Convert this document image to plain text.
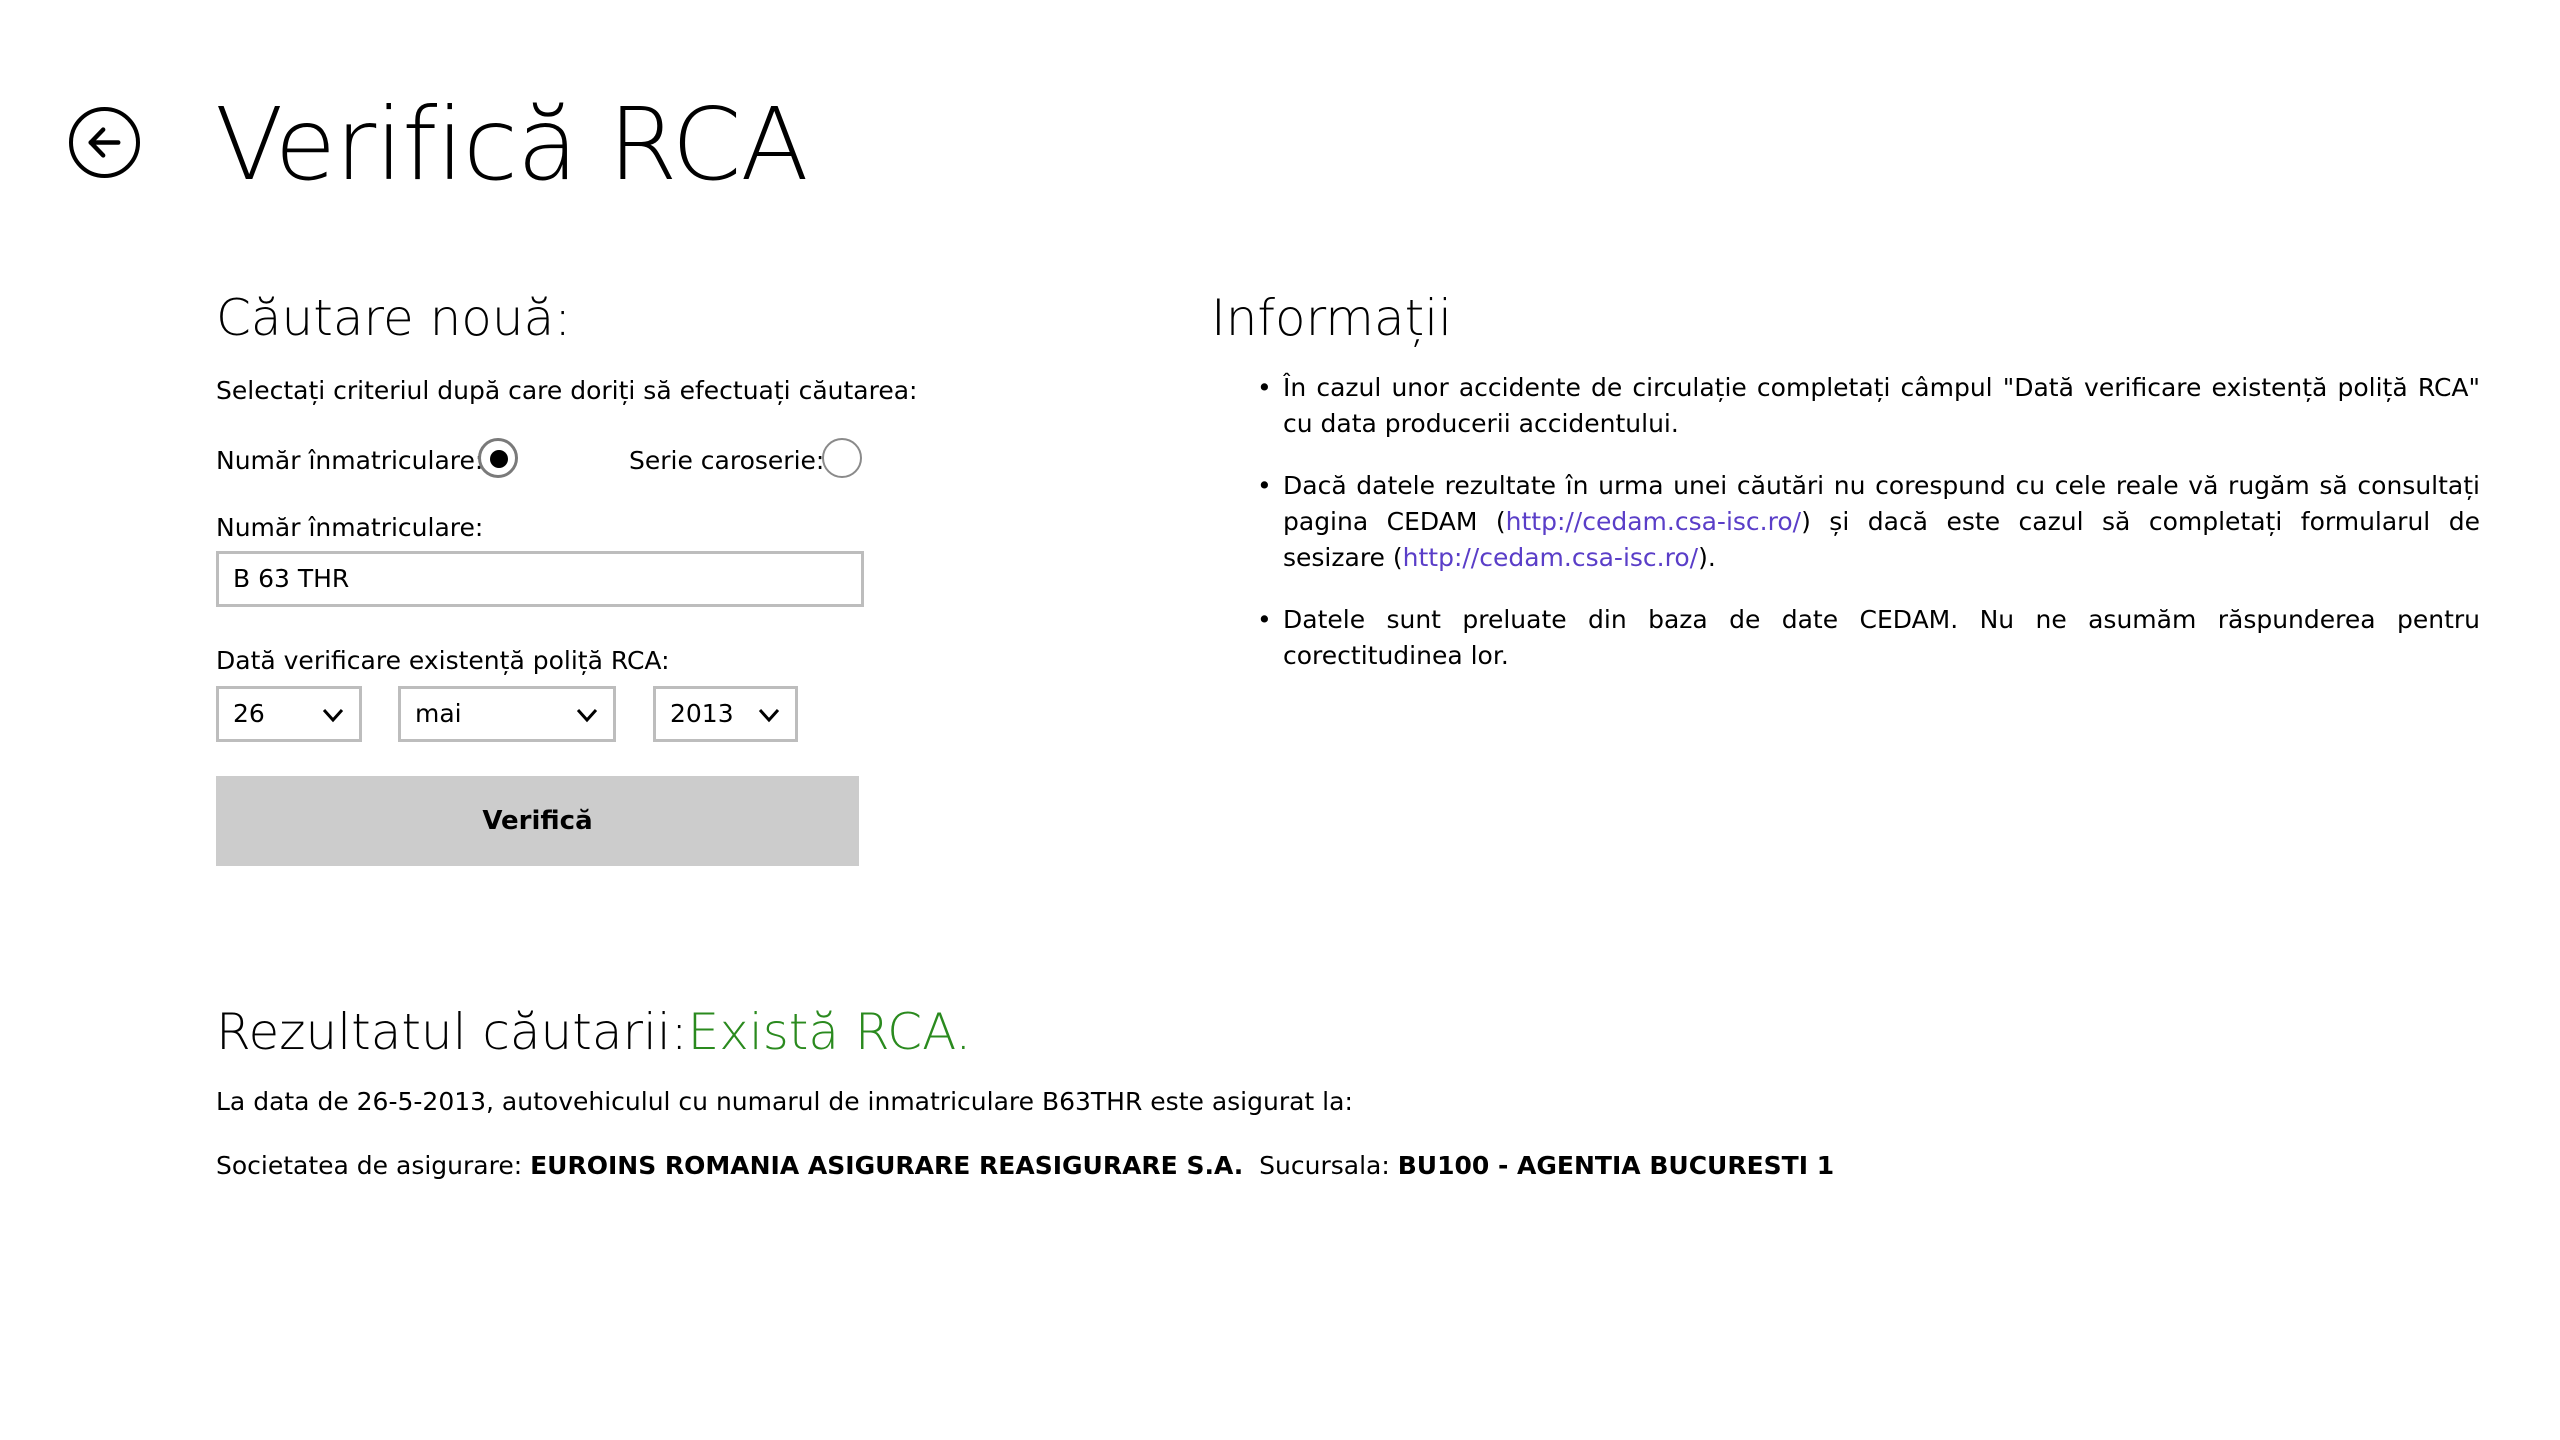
Verifică RCA
Căutare nouă:
Selectați criteriul după care doriți să efectuați căutarea:
Număr înmatriculare:	Serie caroserie:
Număr înmatriculare:
B 63 THR
Dată verificare existență poliță RCA:
26	mai	2013
Verifică
Informații
• În cazul unor accidente de circulație completați câmpul "Dată verificare existență poliță RCA" cu data producerii accidentului.
• Dacă datele rezultate în urma unei căutări nu corespund cu cele reale vă rugăm să consultați pagina CEDAM (http://cedam.csa-isc.ro/) și dacă este cazul să completați formularul de sesizare (http://cedam.csa-isc.ro/).
• Datele sunt preluate din baza de date CEDAM. Nu ne asumăm răspunderea pentru corectitudinea lor.
Rezultatul căutarii:Există RCA.
La data de 26-5-2013, autovehiculul cu numarul de inmatriculare B63THR este asigurat la:
Societatea de asigurare: EUROINS ROMANIA ASIGURARE REASIGURARE S.A. Sucursala: BU100 - AGENTIA BUCURESTI 1
